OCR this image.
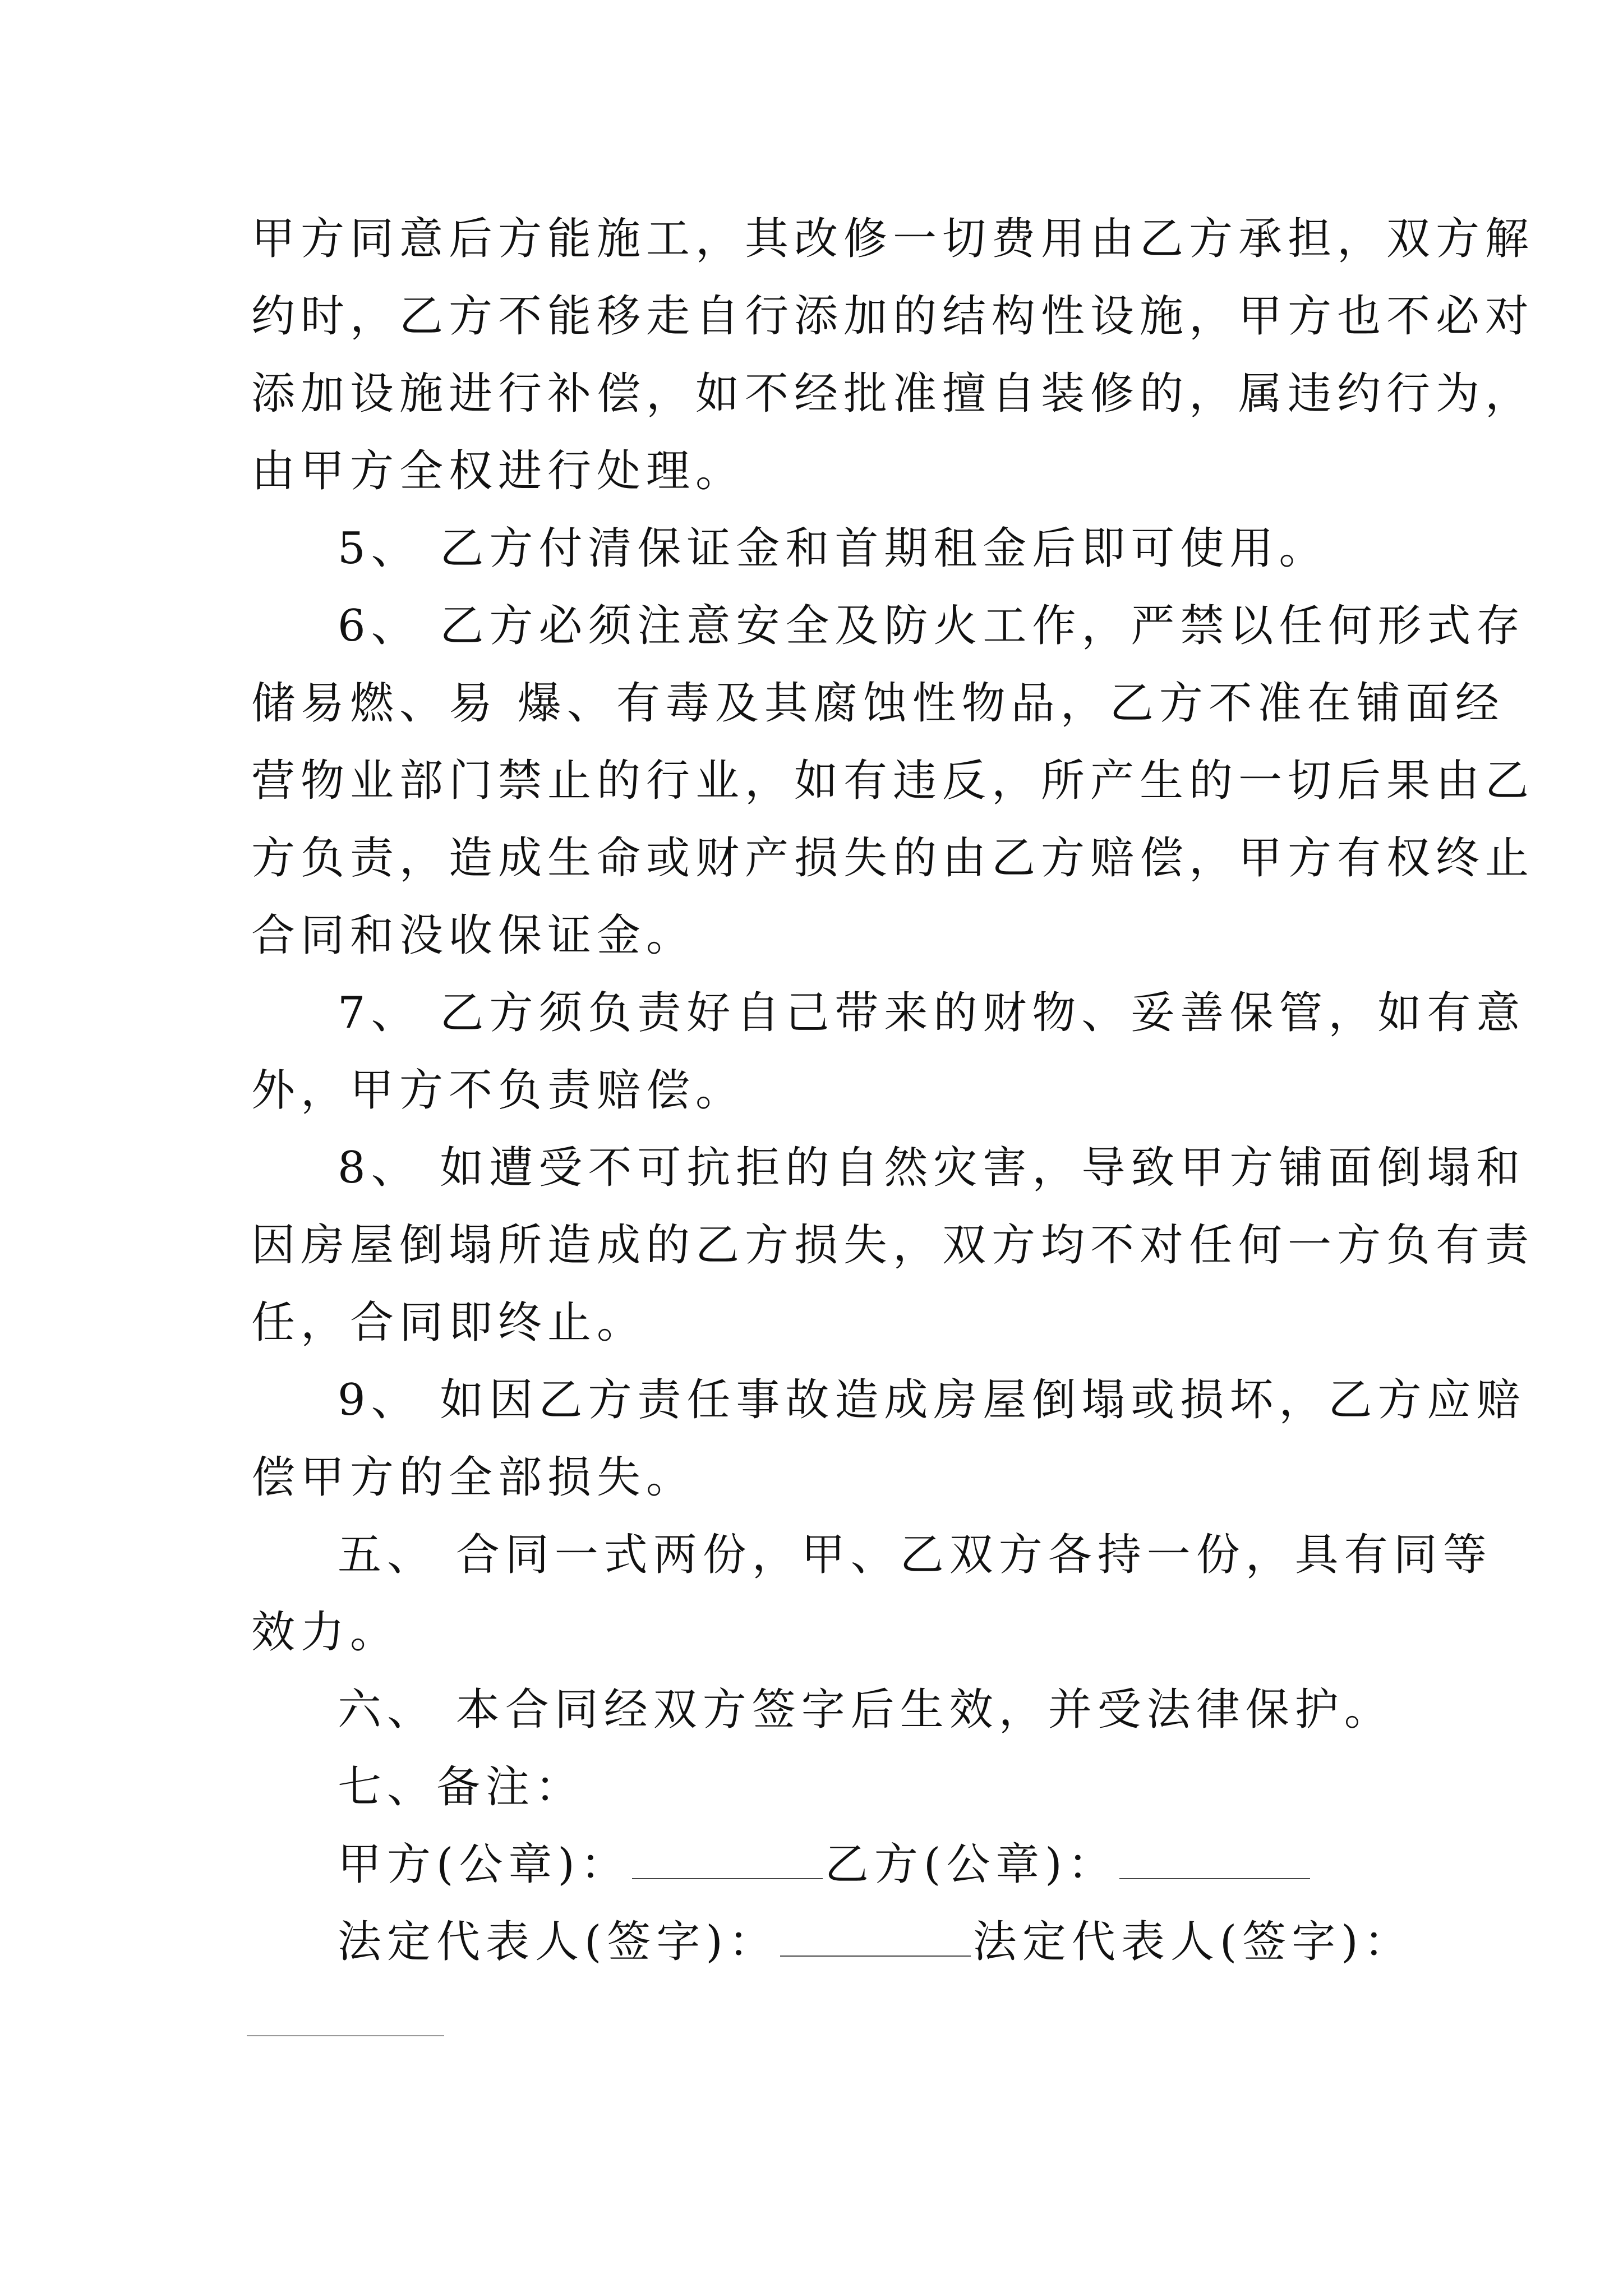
甲方同意后方能施工，其改修一切费用由乙方承担，双方解
约时，乙方不能移走自行添加的结构性设施，甲方也不必对
添加设施进行补偿，如不经批准擅自装修的，属违约行为，
由甲方全权进行处理。
5、 乙方付清保证金和首期租金后即可使用。
6、 乙方必须注意安全及防火工作，严禁以任何形式存
储易燃、易 爆、有毒及其腐蚀性物品，乙方不准在铺面经
营物业部门禁止的行业，如有违反，所产生的一切后果由乙
方负责，造成生命或财产损失的由乙方赔偿，甲方有权终止
合同和没收保证金。
7、 乙方须负责好自己带来的财物、妥善保管，如有意
外，甲方不负责赔偿。
8、 如遭受不可抗拒的自然灾害，导致甲方铺面倒塌和
因房屋倒塌所造成的乙方损失，双方均不对任何一方负有责
任，合同即终止。
9、 如因乙方责任事故造成房屋倒塌或损坏，乙方应赔
偿甲方的全部损失。
五、 合同一式两份，甲、乙双方各持一份，具有同等
效力。
六、 本合同经双方签字后生效，并受法律保护。
七、备注：
甲方(公章)：	乙方(公章)：
法定代表人(签字)：	法定代表人(签字)：
